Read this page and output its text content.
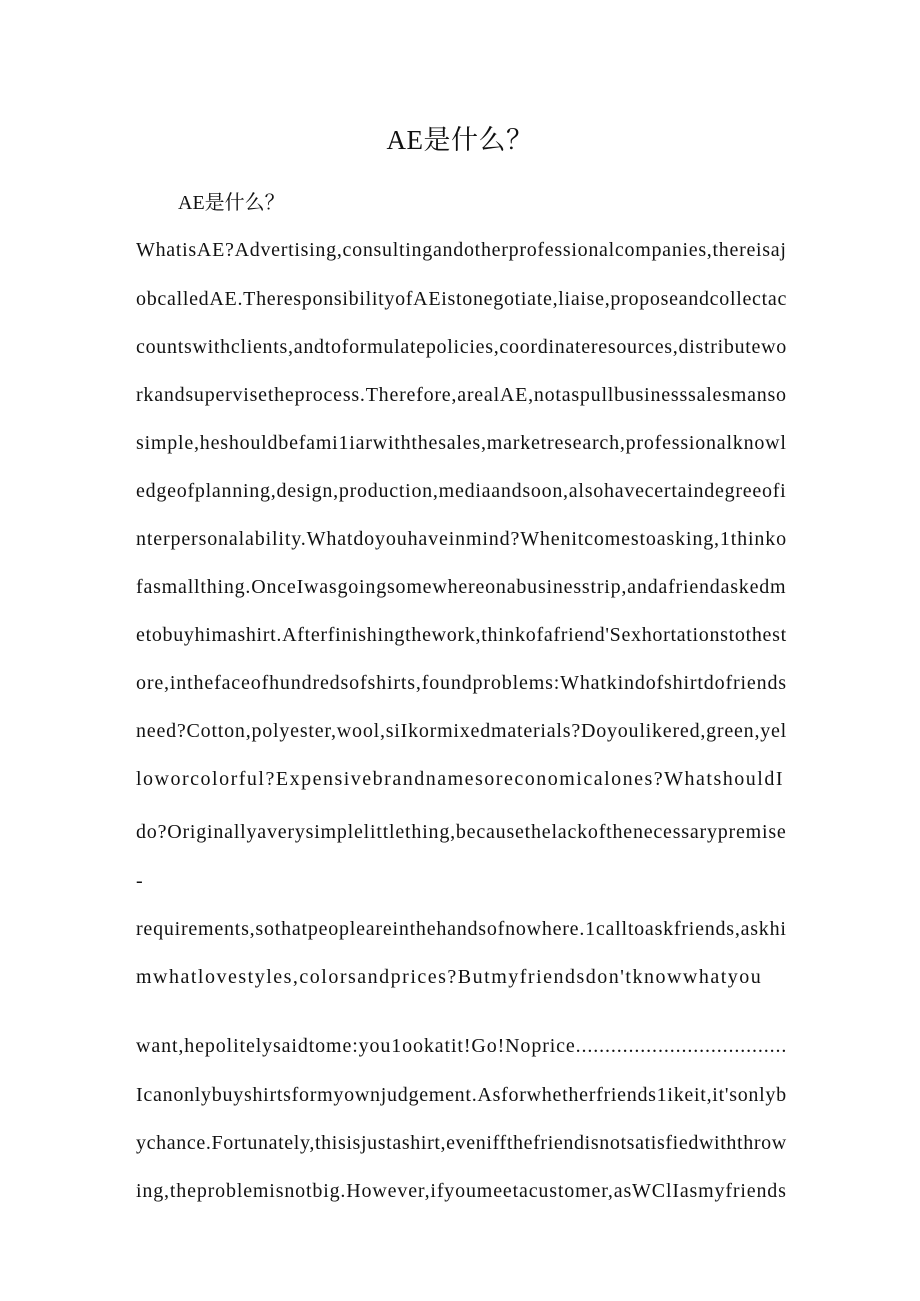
AE是什么？
AE是什么？
WhatisAE?Advertising,consultingandotherprofessionalcompanies,thereisaj
obcalledAE.TheresponsibilityofAEistonegotiate,liaise,proposeandcollectac
countswithclients,andtoformulatepolicies,coordinateresources,distributewo
rkandsupervisetheprocess.Therefore,arealAE,notaspullbusinesssalesmanso
simple,heshouldbefami1iarwiththesales,marketresearch,professionalknowl
edgeofplanning,design,production,mediaandsoon,alsohavecertaindegreeofi
nterpersonalability.Whatdoyouhaveinmind?Whenitcomestoasking,1thinko
fasmallthing.OnceIwasgoingsomewhereonabusinesstrip,andafriendaskedm
etobuyhimashirt.Afterfinishingthework,thinkofafriend'Sexhortationstothest
ore,inthefaceofhundredsofshirts,foundproblems:Whatkindofshirtdofriends
need?Cotton,polyester,wool,siIkormixedmaterials?Doyoulikered,green,yel
loworcolorful?Expensivebrandnamesoreconomicalones?WhatshouldI
do?Originallyaverysimplelittlething,becausethelackofthenecessarypremise
-
requirements,sothatpeopleareinthehandsofnowhere.1calltoaskfriends,askhi
mwhatlovestyles,colorsandprices?Butmyfriendsdon'tknowwhatyou
want,hepolitelysaidtome:you1ookatit!Go!Noprice....................................
Icanonlybuyshirtsformyownjudgement.Asforwhetherfriends1ikeit,it'sonlyb
ychance.Fortunately,thisisjustashirt,eveniffthefriendisnotsatisfiedwiththrow
ing,theproblemisnotbig.However,ifyoumeetacustomer,asWClIasmyfriends
